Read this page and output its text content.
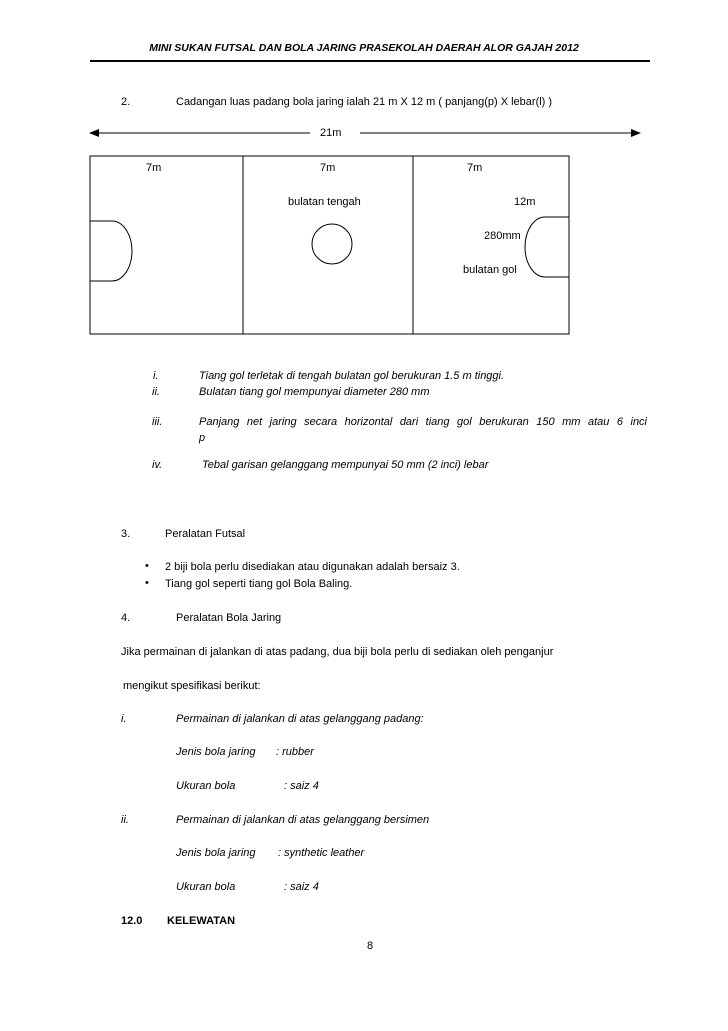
MINI SUKAN FUTSAL DAN BOLA JARING PRASEKOLAH DAERAH ALOR GAJAH 2012
2.	Cadangan luas padang bola jaring ialah 21 m X 12 m ( panjang(p) X lebar(l) )
21m
7m	7m	7m
bulatan tengah	12m
280mm
bulatan gol
i.	Tiang gol terletak di tengah bulatan gol berukuran 1.5 m tinggi.
ii.	Bulatan tiang gol mempunyai diameter 280 mm
iii.	Panjang net jaring secara horizontal dari tiang gol berukuran 150 mm atau 6 inci
p
iv.	Tebal garisan gelanggang mempunyai 50 mm (2 inci) lebar
3.	Peralatan Futsal
• 2 biji bola perlu disediakan atau digunakan adalah bersaiz 3.
• Tiang gol seperti tiang gol Bola Baling.
4.	Peralatan Bola Jaring
Jika permainan di jalankan di atas padang, dua biji bola perlu di sediakan oleh penganjur
mengikut spesifikasi berikut:
i.	Permainan di jalankan di atas gelanggang padang:
Jenis bola jaring : rubber
Ukuran bola	: saiz 4
ii.	Permainan di jalankan di atas gelanggang bersimen
Jenis bola jaring : synthetic leather
Ukuran bola	: saiz 4
12.0 KELEWATAN
8
